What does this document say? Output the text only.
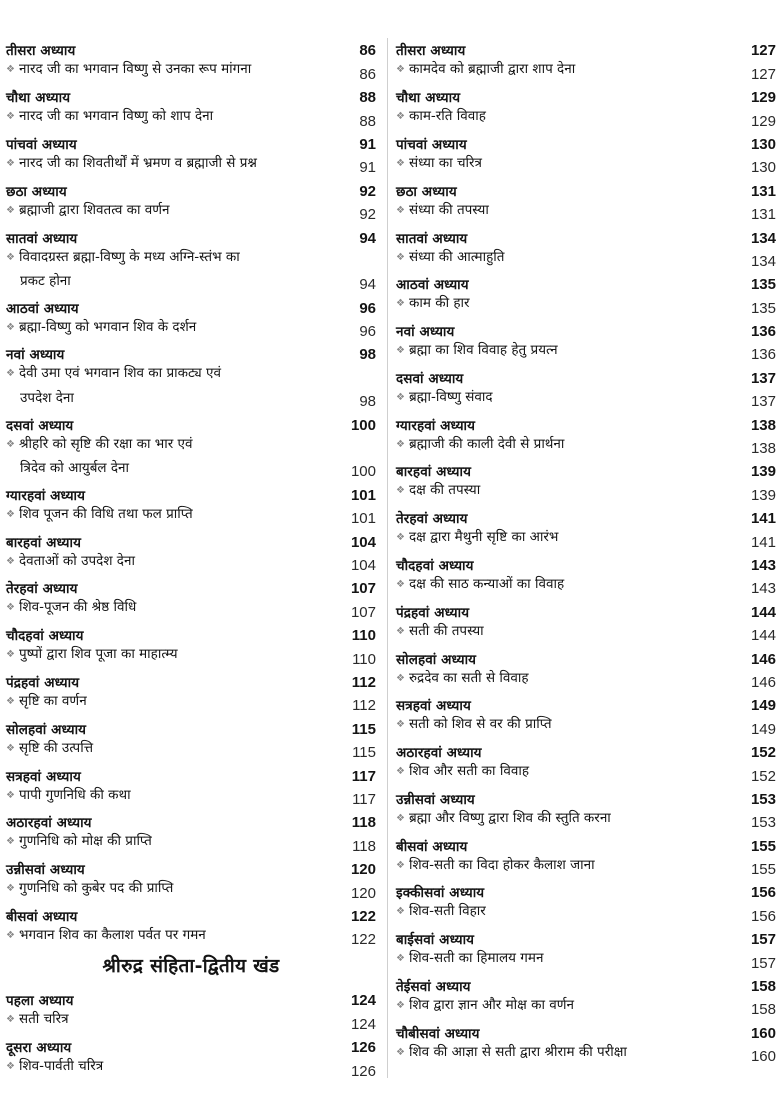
तीसरा अध्याय	86
❖ नारद जी का भगवान विष्णु से उनका रूप मांगना	86
चौथा अध्याय	88
❖ नारद जी का भगवान विष्णु को शाप देना	88
पांचवां अध्याय	91
❖ नारद जी का शिवतीर्थों में भ्रमण व ब्रह्माजी से प्रश्न	91
छठा अध्याय	92
❖ ब्रह्माजी द्वारा शिवतत्व का वर्णन	92
सातवां अध्याय	94
❖ विवादग्रस्त ब्रह्मा-विष्णु के मध्य अग्नि-स्तंभ का
प्रकट होना	94
आठवां अध्याय	96
❖ ब्रह्मा-विष्णु को भगवान शिव के दर्शन	96
नवां अध्याय	98
❖ देवी उमा एवं भगवान शिव का प्राकट्य एवं
उपदेश देना	98
दसवां अध्याय	100
❖ श्रीहरि को सृष्टि की रक्षा का भार एवं
त्रिदेव को आयुर्बल देना	100
ग्यारहवां अध्याय	101
❖ शिव पूजन की विधि तथा फल प्राप्ति	101
बारहवां अध्याय	104
❖ देवताओं को उपदेश देना	104
तेरहवां अध्याय	107
❖ शिव-पूजन की श्रेष्ठ विधि	107
चौदहवां अध्याय	110
❖ पुष्पों द्वारा शिव पूजा का माहात्म्य	110
पंद्रहवां अध्याय	112
❖ सृष्टि का वर्णन	112
सोलहवां अध्याय	115
❖ सृष्टि की उत्पत्ति	115
सत्रहवां अध्याय	117
❖ पापी गुणनिधि की कथा	117
अठारहवां अध्याय	118
❖ गुणनिधि को मोक्ष की प्राप्ति	118
उन्नीसवां अध्याय	120
❖ गुणनिधि को कुबेर पद की प्राप्ति	120
बीसवां अध्याय	122
❖ भगवान शिव का कैलाश पर्वत पर गमन	122
श्रीरुद्र संहिता-द्वितीय खंड
पहला अध्याय	124
❖ सती चरित्र	124
दूसरा अध्याय	126
❖ शिव-पार्वती चरित्र	126
तीसरा अध्याय	127
❖ कामदेव को ब्रह्माजी द्वारा शाप देना	127
चौथा अध्याय	129
❖ काम-रति विवाह	129
पांचवां अध्याय	130
❖ संध्या का चरित्र	130
छठा अध्याय	131
❖ संध्या की तपस्या	131
सातवां अध्याय	134
❖ संध्या की आत्माहुति	134
आठवां अध्याय	135
❖ काम की हार	135
नवां अध्याय	136
❖ ब्रह्मा का शिव विवाह हेतु प्रयत्न	136
दसवां अध्याय	137
❖ ब्रह्मा-विष्णु संवाद	137
ग्यारहवां अध्याय	138
❖ ब्रह्माजी की काली देवी से प्रार्थना	138
बारहवां अध्याय	139
❖ दक्ष की तपस्या	139
तेरहवां अध्याय	141
❖ दक्ष द्वारा मैथुनी सृष्टि का आरंभ	141
चौदहवां अध्याय	143
❖ दक्ष की साठ कन्याओं का विवाह	143
पंद्रहवां अध्याय	144
❖ सती की तपस्या	144
सोलहवां अध्याय	146
❖ रुद्रदेव का सती से विवाह	146
सत्रहवां अध्याय	149
❖ सती को शिव से वर की प्राप्ति	149
अठारहवां अध्याय	152
❖ शिव और सती का विवाह	152
उन्नीसवां अध्याय	153
❖ ब्रह्मा और विष्णु द्वारा शिव की स्तुति करना	153
बीसवां अध्याय	155
❖ शिव-सती का विदा होकर कैलाश जाना	155
इक्कीसवां अध्याय	156
❖ शिव-सती विहार	156
बाईसवां अध्याय	157
❖ शिव-सती का हिमालय गमन	157
तेईसवां अध्याय	158
❖ शिव द्वारा ज्ञान और मोक्ष का वर्णन	158
चौबीसवां अध्याय	160
❖ शिव की आज्ञा से सती द्वारा श्रीराम की परीक्षा	160
